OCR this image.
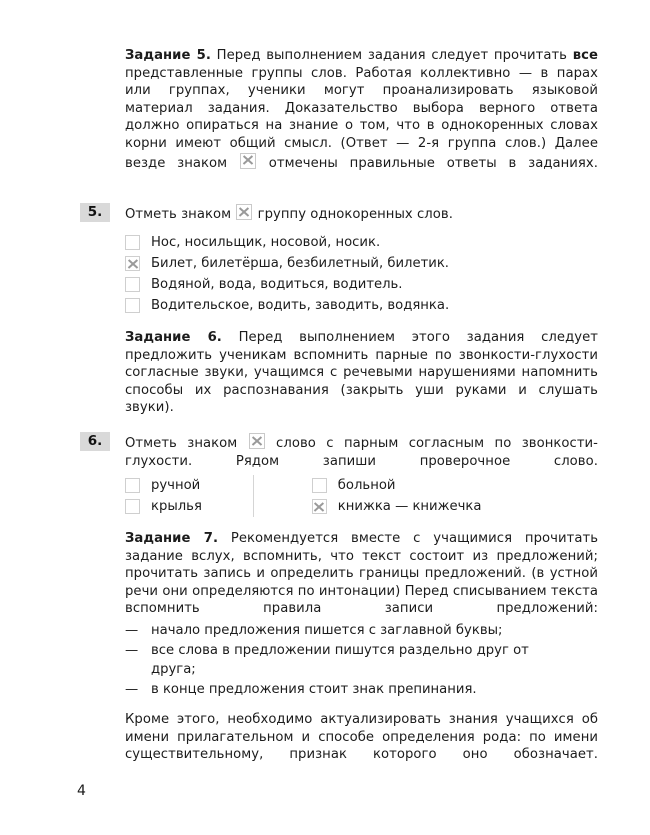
Задание 5. Перед выполнением задания следует прочитать все представленные группы слов. Работая коллективно — в парах или группах, ученики могут проанализировать языковой материал задания. Доказательство выбора верного ответа должно опираться на знание о том, что в однокоренных словах корни имеют общий смысл. (Ответ — 2-я группа слов.) Далее везде знаком  отмечены правильные ответы в заданиях.
5.	Отметь знаком  группу однокоренных слов.
Нос, носильщик, носовой, носик.
Билет, билетёрша, безбилетный, билетик.
Водяной, вода, водиться, водитель.
Водительское, водить, заводить, водянка.
Задание 6. Перед выполнением этого задания следует предложить ученикам вспомнить парные по звонкости-глухости согласные звуки, учащимся с речевыми нарушениями напомнить способы их распознавания (закрыть уши руками и слушать звуки).
6.	Отметь знаком  слово с парным согласным по звонкости-глухости. Рядом запиши проверочное слово.
ручной
крылья
больной
книжка — книжечка
Задание 7. Рекомендуется вместе с учащимися прочитать задание вслух, вспомнить, что текст состоит из предложений; прочитать запись и определить границы предложений. (в устной речи они определяются по интонации) Перед списыванием текста вспомнить правила записи предложений:
— начало предложения пишется с заглавной буквы;
— все слова в предложении пишутся раздельно друг от друга;
— в конце предложения стоит знак препинания.
Кроме этого, необходимо актуализировать знания учащихся об имени прилагательном и способе определения рода: по имени существительному, признак которого оно обозначает.
4
